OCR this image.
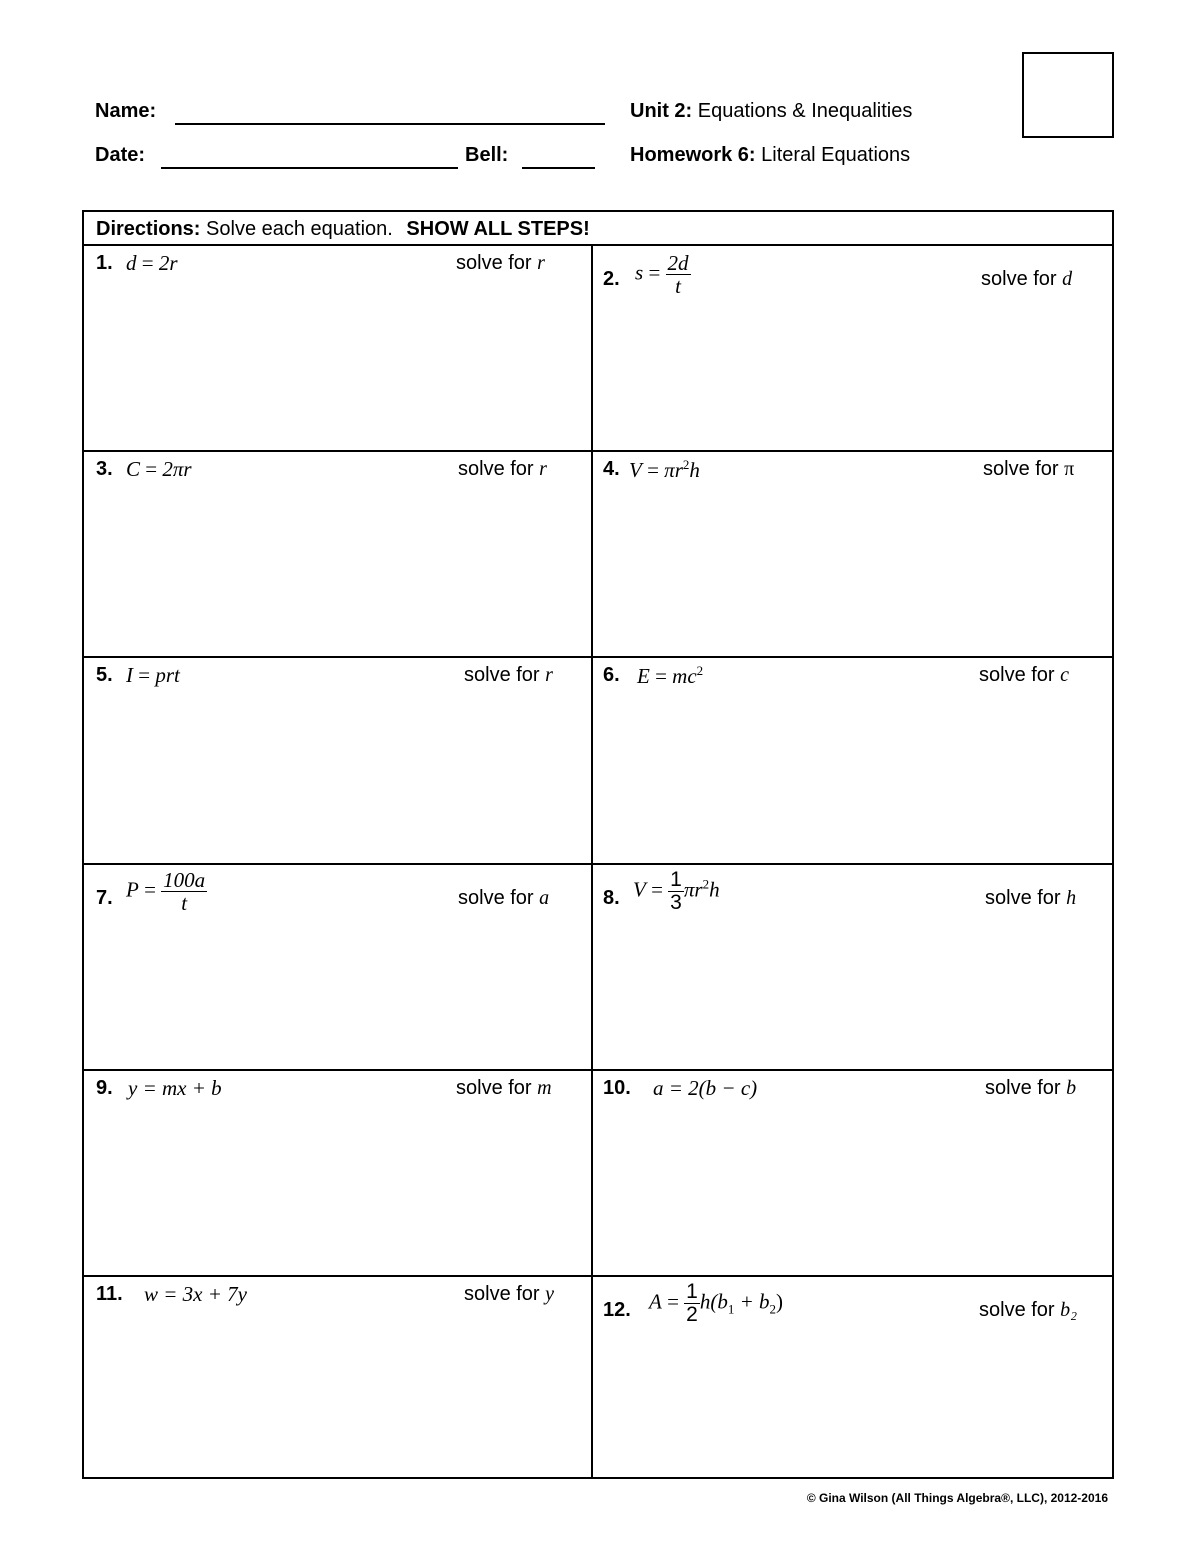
Name:
Date:	Bell:
Unit 2: Equations & Inequalities
Homework 6: Literal Equations
Directions: Solve each equation. SHOW ALL STEPS!
1. d = 2r	solve for r
2. $s = \frac{2d}{t}$	solve for d
3. C = 2πr	solve for r	4. $V = \pi r^2h$	solve for π
5. I = prt	solve for r	6. $E = mc^2$	solve for c
7. $P = \frac{100a}{t}$	solve for a	8. $V = \frac{1}{3} \pi r^2h$	solve for h
9. y = mx + b	solve for m	10. a = 2(b − c)	solve for b
11. w = 3x + 7y	solve for y
12. $A = \frac{1}{2} h(b_1 + b_2)$	solve for b₂
© Gina Wilson (All Things Algebra®, LLC), 2012-2016
